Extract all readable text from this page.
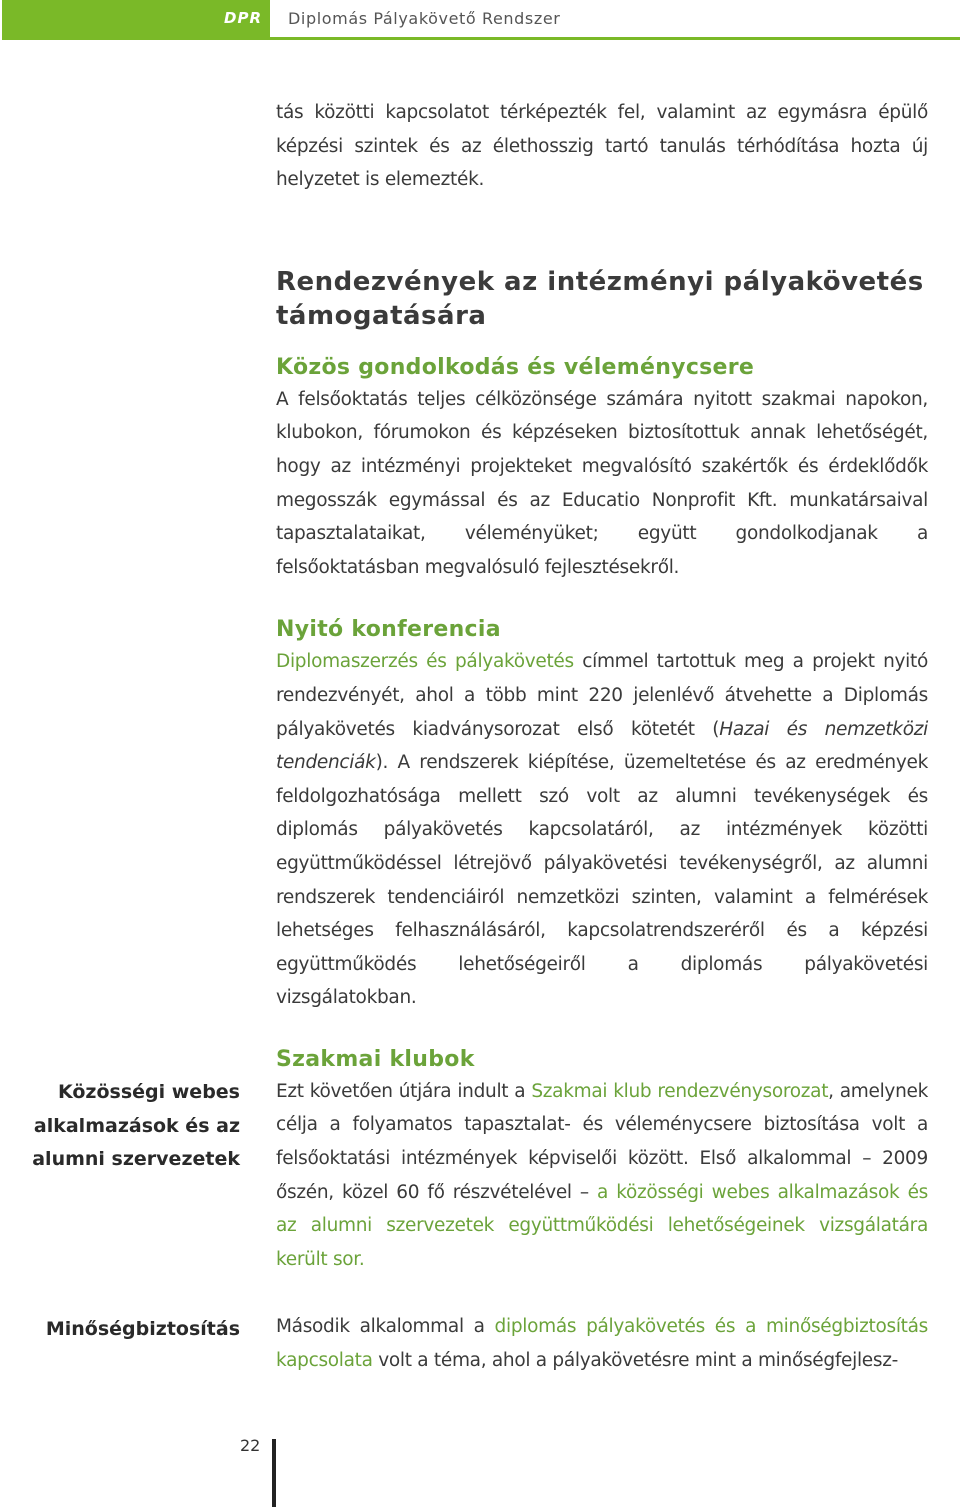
DPR	Diplomás Pályakövető Rendszer

tás közötti kapcsolatot térképezték fel, valamint az egymásra épülő képzési szintek és az élethosszig tartó tanulás térhódítása hozta új helyzetet is elemezték.

Rendezvények az intézményi pályakövetés
támogatására
Közös gondolkodás és véleménycsere

A felsőoktatás teljes célközönsége számára nyitott szakmai napokon, klubokon, fórumokon és képzéseken biztosítottuk annak lehetőségét, hogy az intézményi projekteket megvalósító szakértők és érdeklődők megosszák egymással és az Educatio Nonprofit Kft. munkatársaival tapasztalataikat, véleményüket; együtt gondolkodjanak a felsőoktatásban megvalósuló fejlesztésekről.

Nyitó konferencia

Diplomaszerzés és pályakövetés címmel tartottuk meg a projekt nyitó rendezvényét, ahol a több mint 220 jelenlévő átvehette a Diplomás pályakövetés kiadványsorozat első kötetét (Hazai és nemzetközi tendenciák). A rendszerek kiépítése, üzemeltetése és az eredmények feldolgozhatósága mellett szó volt az alumni tevékenységek és diplomás pályakövetés kapcsolatáról, az intézmények közötti együttműködéssel létrejövő pályakövetési tevékenységről, az alumni rendszerek tendenciáiról nemzetközi szinten, valamint a felmérések lehetséges felhasználásáról, kapcsolatrendszeréről és a képzési együttműködés lehetőségeiről a diplomás pályakövetési vizsgálatokban.

Szakmai klubok

Ezt követően útjára indult a Szakmai klub rendezvénysorozat, amelynek célja a folyamatos tapasztalat- és véleménycsere biztosítása volt a felsőoktatási intézmények képviselői között. Első alkalommal – 2009 őszén, közel 60 fő részvételével – a közösségi webes alkalmazások és az alumni szervezetek együttműködési lehetőségeinek vizsgálatára került sor.

Második alkalommal a diplomás pályakövetés és a minőségbiztosítás kapcsolata volt a téma, ahol a pályakövetésre mint a minőségfejlesz-

Közösségi webes
alkalmazások és az
alumni szervezetek
Minőségbiztosítás
22
